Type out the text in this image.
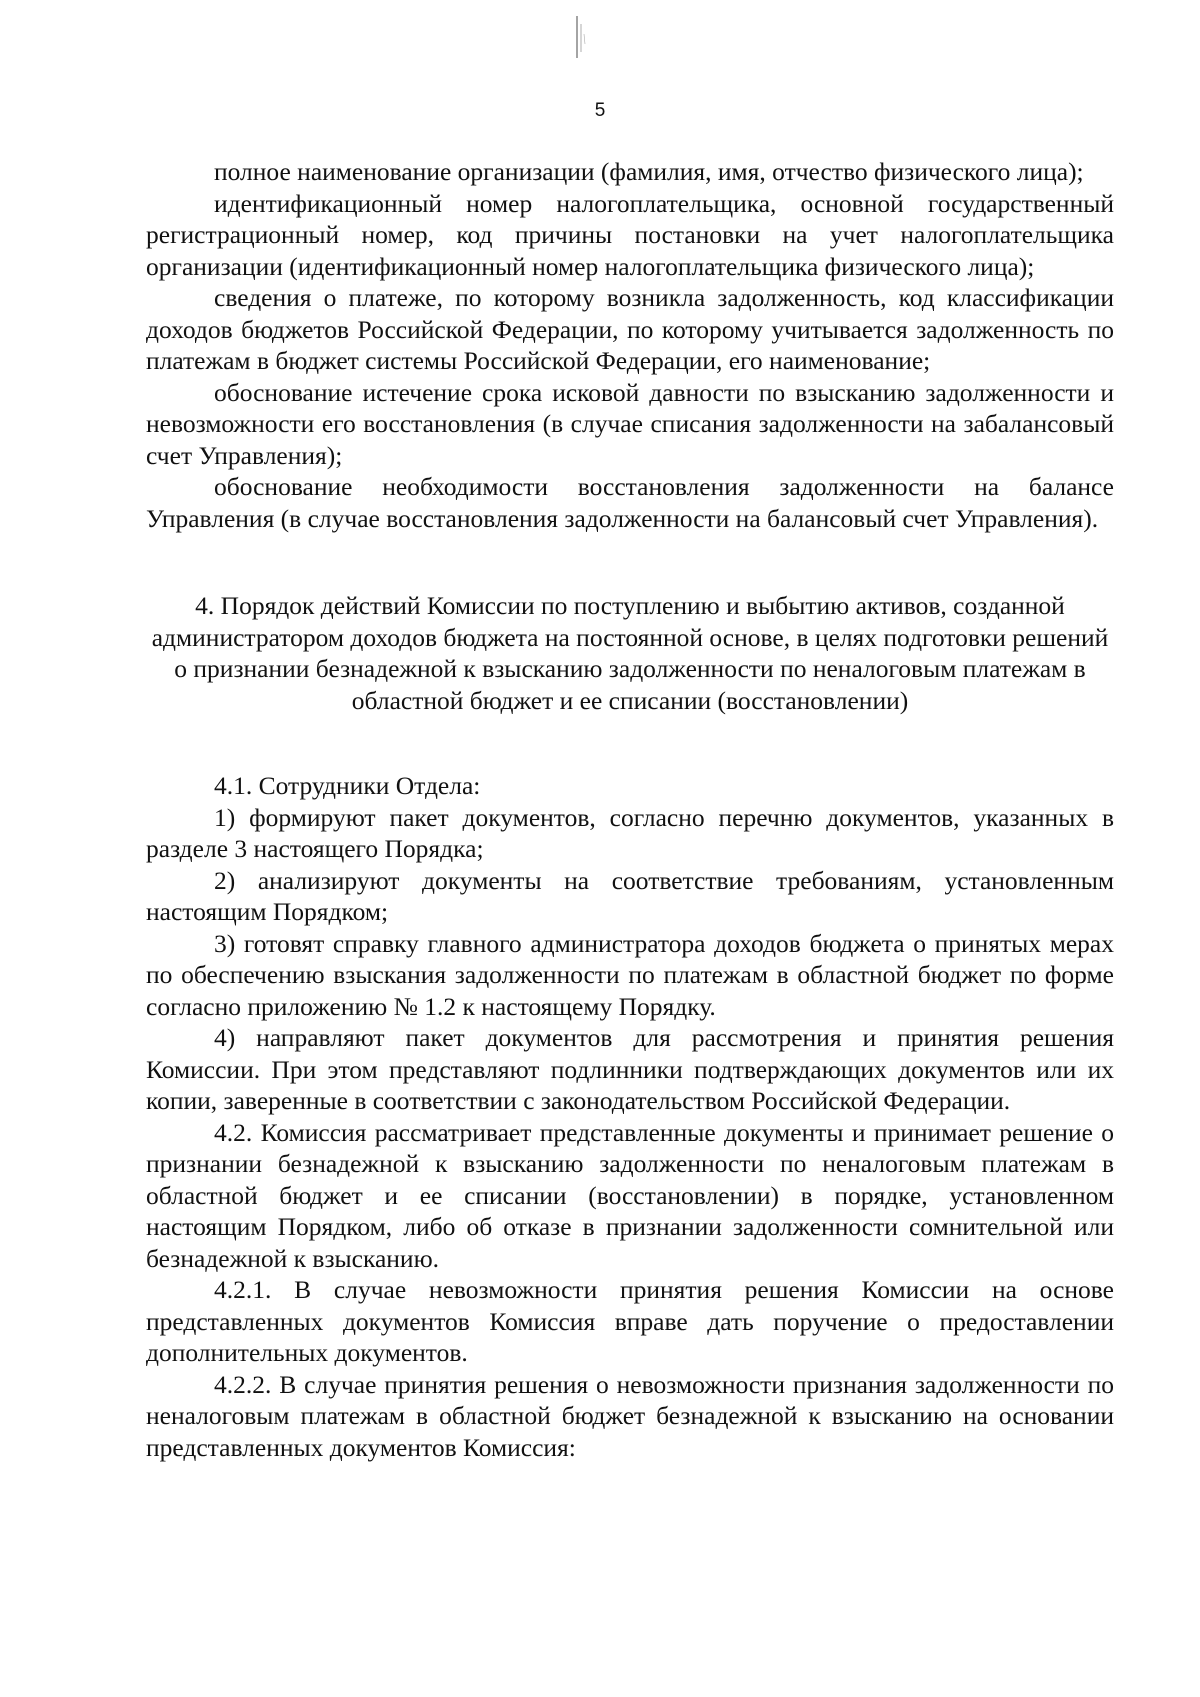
5

полное наименование организации (фамилия, имя, отчество физического лица);

идентификационный номер налогоплательщика, основной государственный регистрационный номер, код причины постановки на учет налогоплательщика организации (идентификационный номер налогоплательщика физического лица);

сведения о платеже, по которому возникла задолженность, код классификации доходов бюджетов Российской Федерации, по которому учитывается задолженность по платежам в бюджет системы Российской Федерации, его наименование;

обоснование истечение срока исковой давности по взысканию задолженности и невозможности его восстановления (в случае списания задолженности на забалансовый счет Управления);

обоснование необходимости восстановления задолженности на балансе Управления (в случае восстановления задолженности на балансовый счет Управления).

4. Порядок действий Комиссии по поступлению и выбытию активов, созданной администратором доходов бюджета на постоянной основе, в целях подготовки решений о признании безнадежной к взысканию задолженности по неналоговым платежам в областной бюджет и ее списании (восстановлении)

4.1. Сотрудники Отдела:

1) формируют пакет документов, согласно перечню документов, указанных в разделе 3 настоящего Порядка;

2) анализируют документы на соответствие требованиям, установленным настоящим Порядком;

3) готовят справку главного администратора доходов бюджета о принятых мерах по обеспечению взыскания задолженности по платежам в областной бюджет по форме согласно приложению № 1.2 к настоящему Порядку.

4) направляют пакет документов для рассмотрения и принятия решения Комиссии. При этом представляют подлинники подтверждающих документов или их копии, заверенные в соответствии с законодательством Российской Федерации.

4.2. Комиссия рассматривает представленные документы и принимает решение о признании безнадежной к взысканию задолженности по неналоговым платежам в областной бюджет и ее списании (восстановлении) в порядке, установленном настоящим Порядком, либо об отказе в признании задолженности сомнительной или безнадежной к взысканию.

4.2.1. В случае невозможности принятия решения Комиссии на основе представленных документов Комиссия вправе дать поручение о предоставлении дополнительных документов.

4.2.2. В случае принятия решения о невозможности признания задолженности по неналоговым платежам в областной бюджет безнадежной к взысканию на основании представленных документов Комиссия:
